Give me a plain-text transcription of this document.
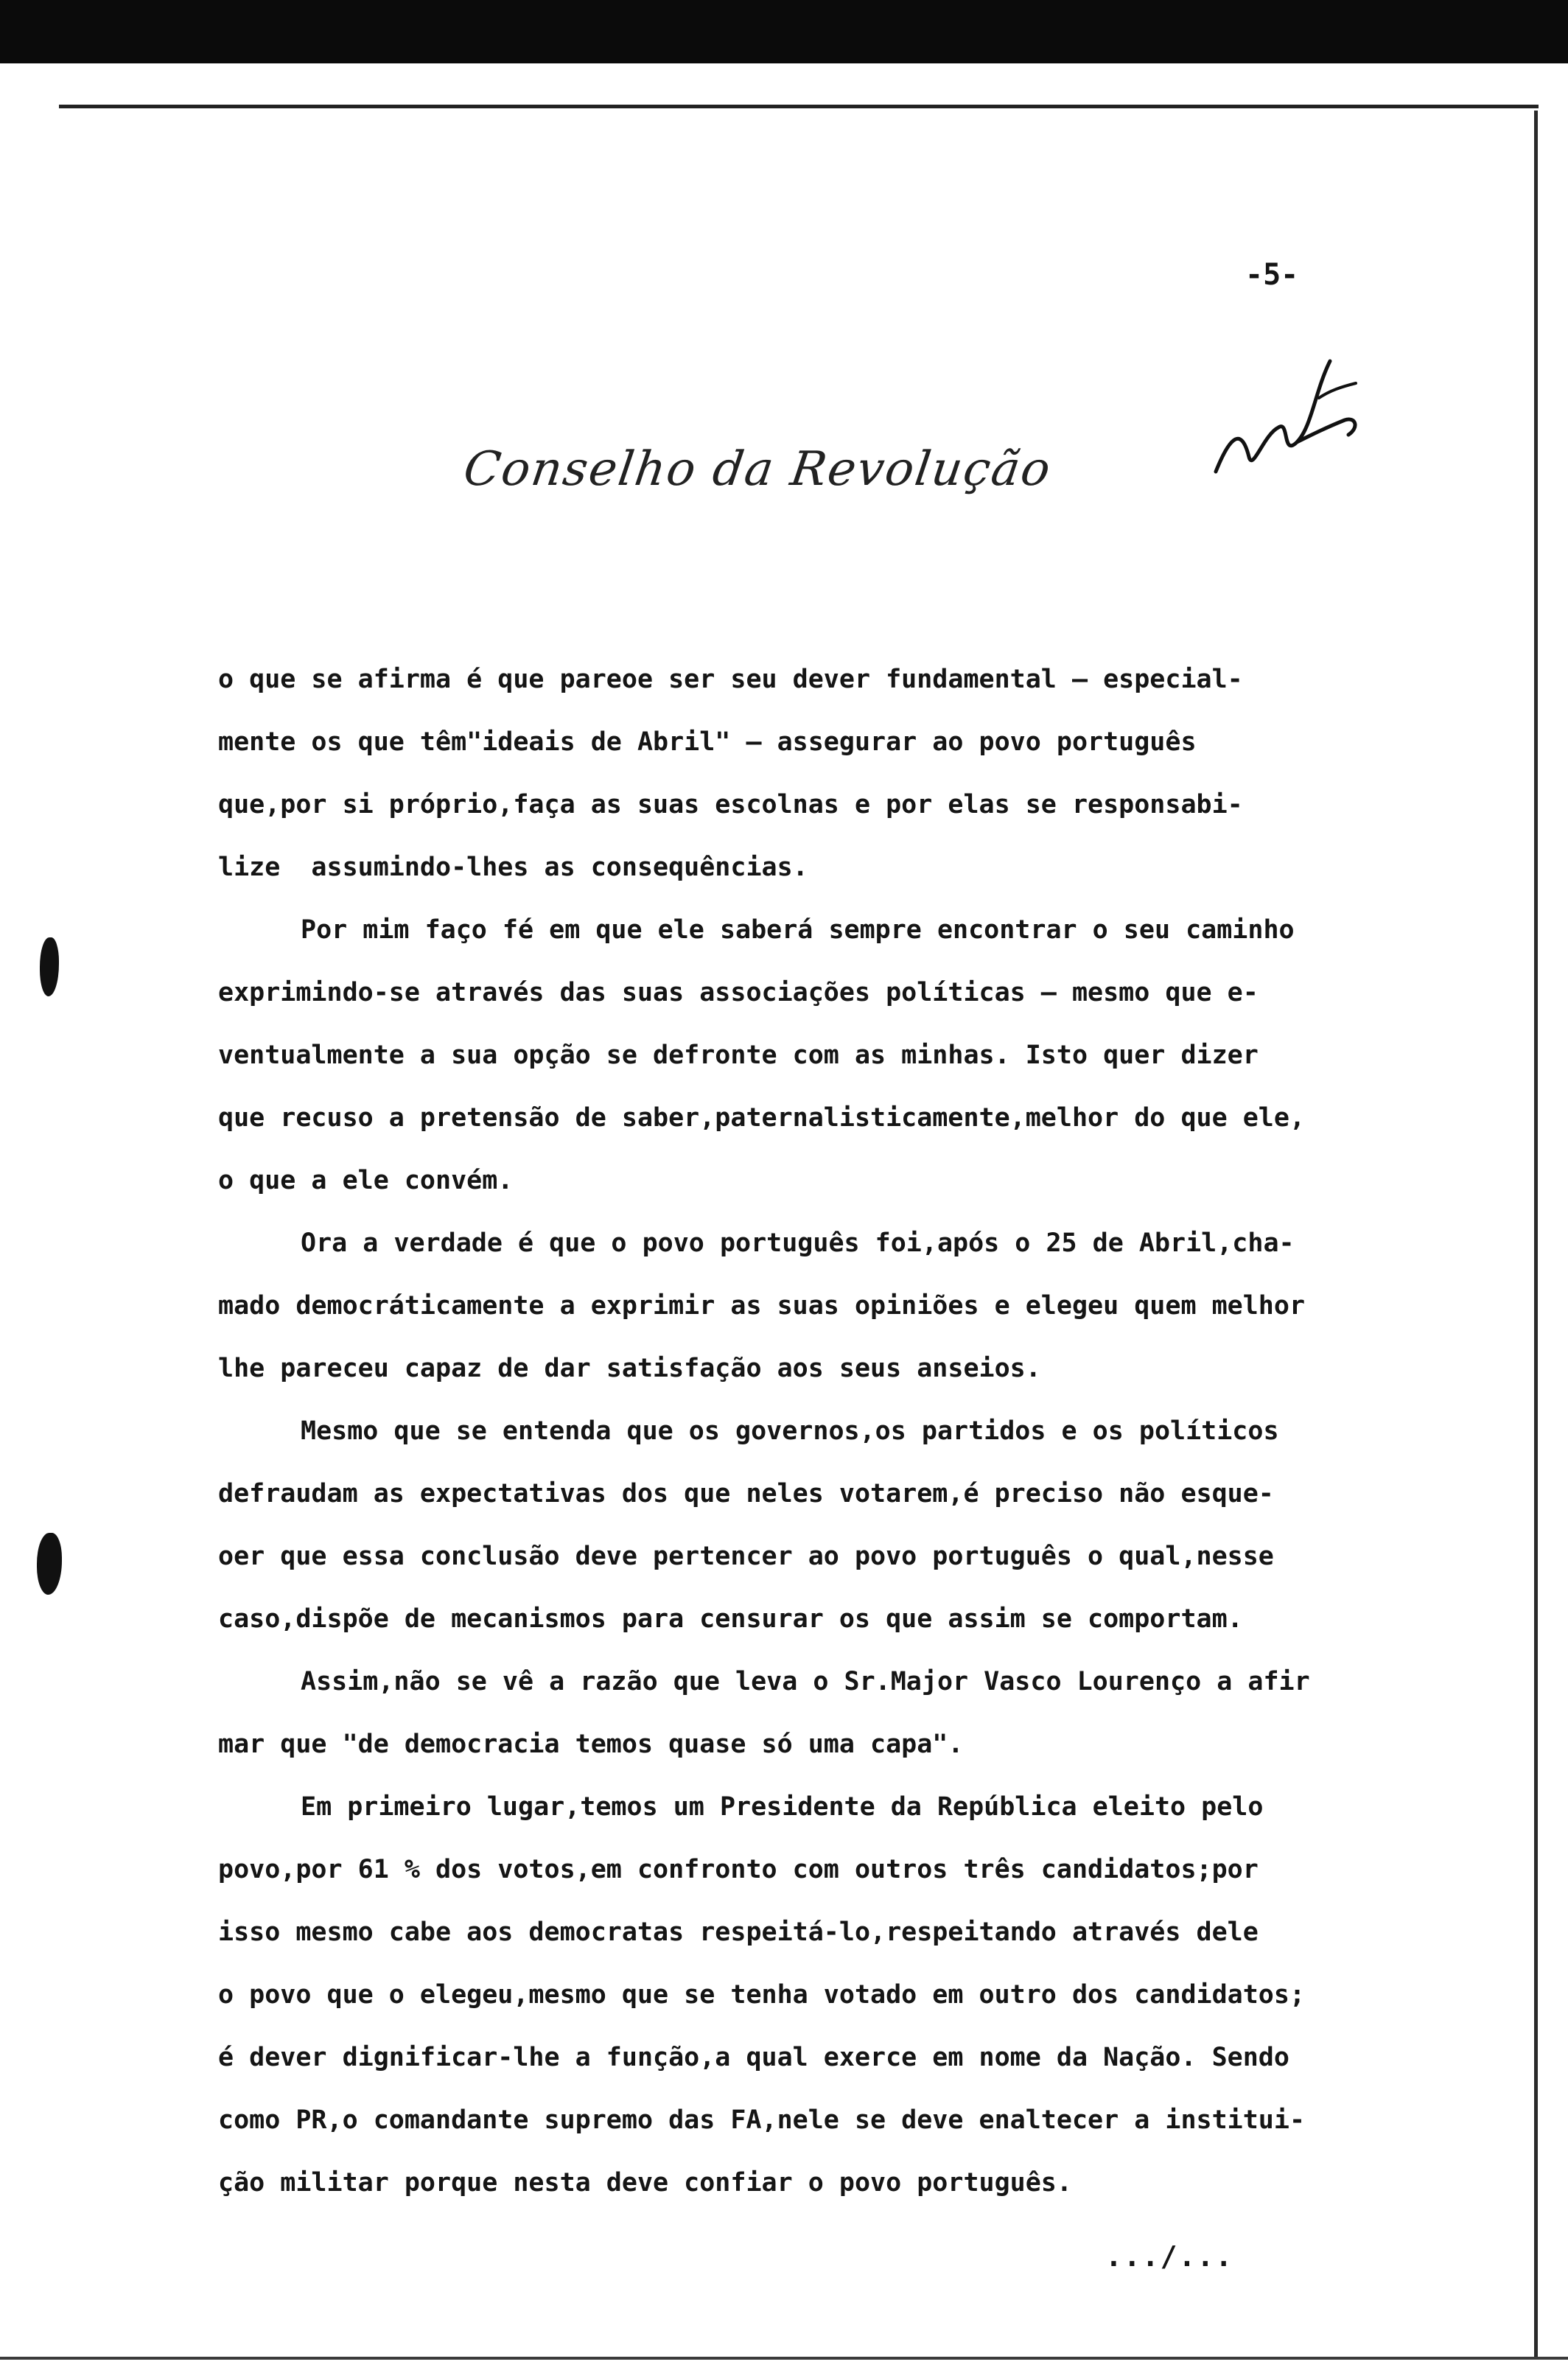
-5-
Conselho da Revolução
o que se afirma é que pareoe ser seu dever fundamental — especial-
mente os que têm"ideais de Abril" — assegurar ao povo português
que,por si próprio,faça as suas escolnas e por elas se responsabi-
lize  assumindo-lhes as consequências.
Por mim faço fé em que ele saberá sempre encontrar o seu caminho
exprimindo-se através das suas associações políticas — mesmo que e-
ventualmente a sua opção se defronte com as minhas. Isto quer dizer
que recuso a pretensão de saber,paternalisticamente,melhor do que ele,
o que a ele convém.
Ora a verdade é que o povo português foi,após o 25 de Abril,cha-
mado democráticamente a exprimir as suas opiniões e elegeu quem melhor
lhe pareceu capaz de dar satisfação aos seus anseios.
Mesmo que se entenda que os governos,os partidos e os políticos
defraudam as expectativas dos que neles votarem,é preciso não esque-
oer que essa conclusão deve pertencer ao povo português o qual,nesse
caso,dispõe de mecanismos para censurar os que assim se comportam.
Assim,não se vê a razão que leva o Sr.Major Vasco Lourenço a afir
mar que "de democracia temos quase só uma capa".
Em primeiro lugar,temos um Presidente da República eleito pelo
povo,por 61 % dos votos,em confronto com outros três candidatos;por
isso mesmo cabe aos democratas respeitá-lo,respeitando através dele
o povo que o elegeu,mesmo que se tenha votado em outro dos candidatos;
é dever dignificar-lhe a função,a qual exerce em nome da Nação. Sendo
como PR,o comandante supremo das FA,nele se deve enaltecer a institui-
ção militar porque nesta deve confiar o povo português.
.../...
